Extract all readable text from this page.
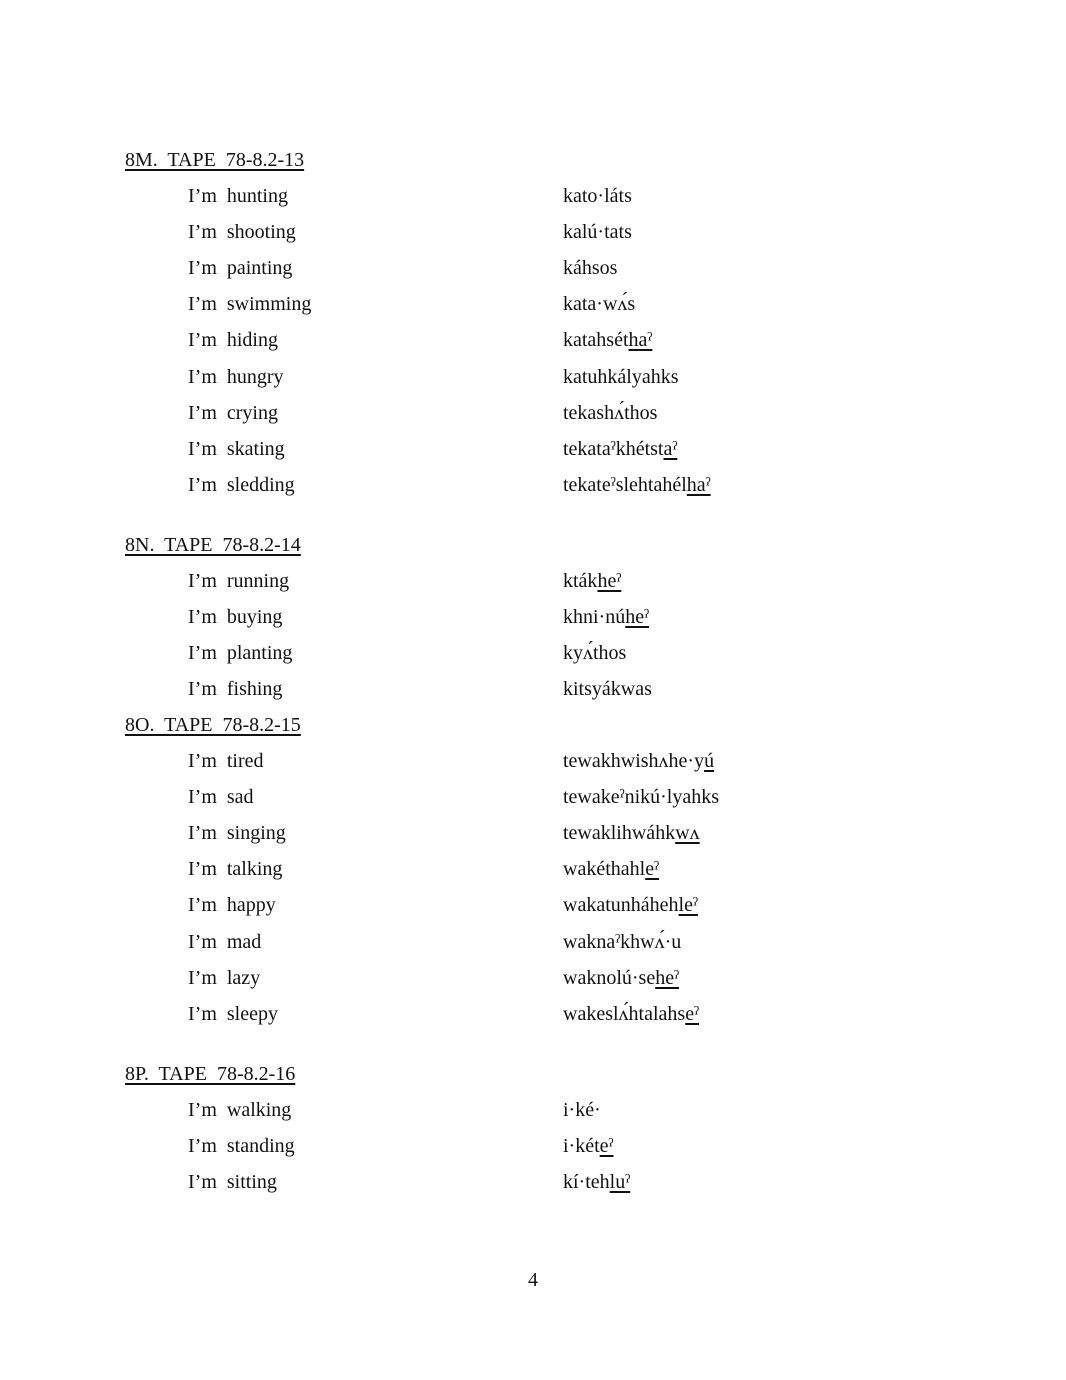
8M.  TAPE  78-8.2-13
I’m  hunting	kato·láts
I’m  shooting	kalú·tats
I’m  painting	káhsos
I’m  swimming	kata·wʌ́s
I’m  hiding	katahséthaˀ
I’m  hungry	katuhkályahks
I’m  crying	tekashʌ́thos
I’m  skating	tekataˀkhétstaˀ
I’m  sledding	tekateˀslehtahélhaˀ
8N.  TAPE  78-8.2-14
I’m  running	ktákheˀ
I’m  buying	khni·núheˀ
I’m  planting	kyʌ́thos
I’m  fishing	kitsyákwas
8O.  TAPE  78-8.2-15
I’m  tired	tewakhwishʌhe·yú
I’m  sad	tewakeˀnikú·lyahks
I’m  singing	tewaklihwáhkwʌ
I’m  talking	wakéthahleˀ
I’m  happy	wakatunháhehleˀ
I’m  mad	waknaˀkhwʌ́·u
I’m  lazy	waknolú·seheˀ
I’m  sleepy	wakeslʌ́htalahseˀ
8P.  TAPE  78-8.2-16
I’m  walking	i·ké·
I’m  standing	i·kéteˀ
I’m  sitting	kí·tehluˀ
4
